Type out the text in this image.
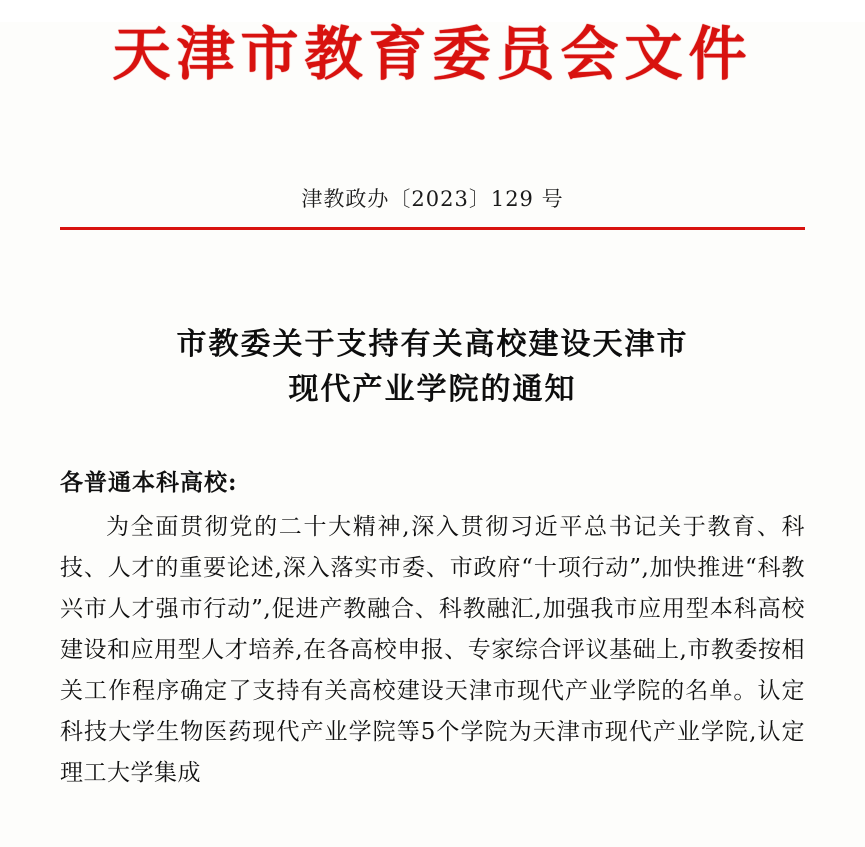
天津市教育委员会文件
津教政办〔2023〕129 号
市教委关于支持有关高校建设天津市
现代产业学院的通知
各普通本科高校:

为全面贯彻党的二十大精神,深入贯彻习近平总书记关于教育、科技、人才的重要论述,深入落实市委、市政府“十项行动”,加快推进“科教兴市人才强市行动”,促进产教融合、科教融汇,加强我市应用型本科高校建设和应用型人才培养,在各高校申报、专家综合评议基础上,市教委按相关工作程序确定了支持有关高校建设天津市现代产业学院的名单。认定科技大学生物医药现代产业学院等5个学院为天津市现代产业学院,认定理工大学集成
